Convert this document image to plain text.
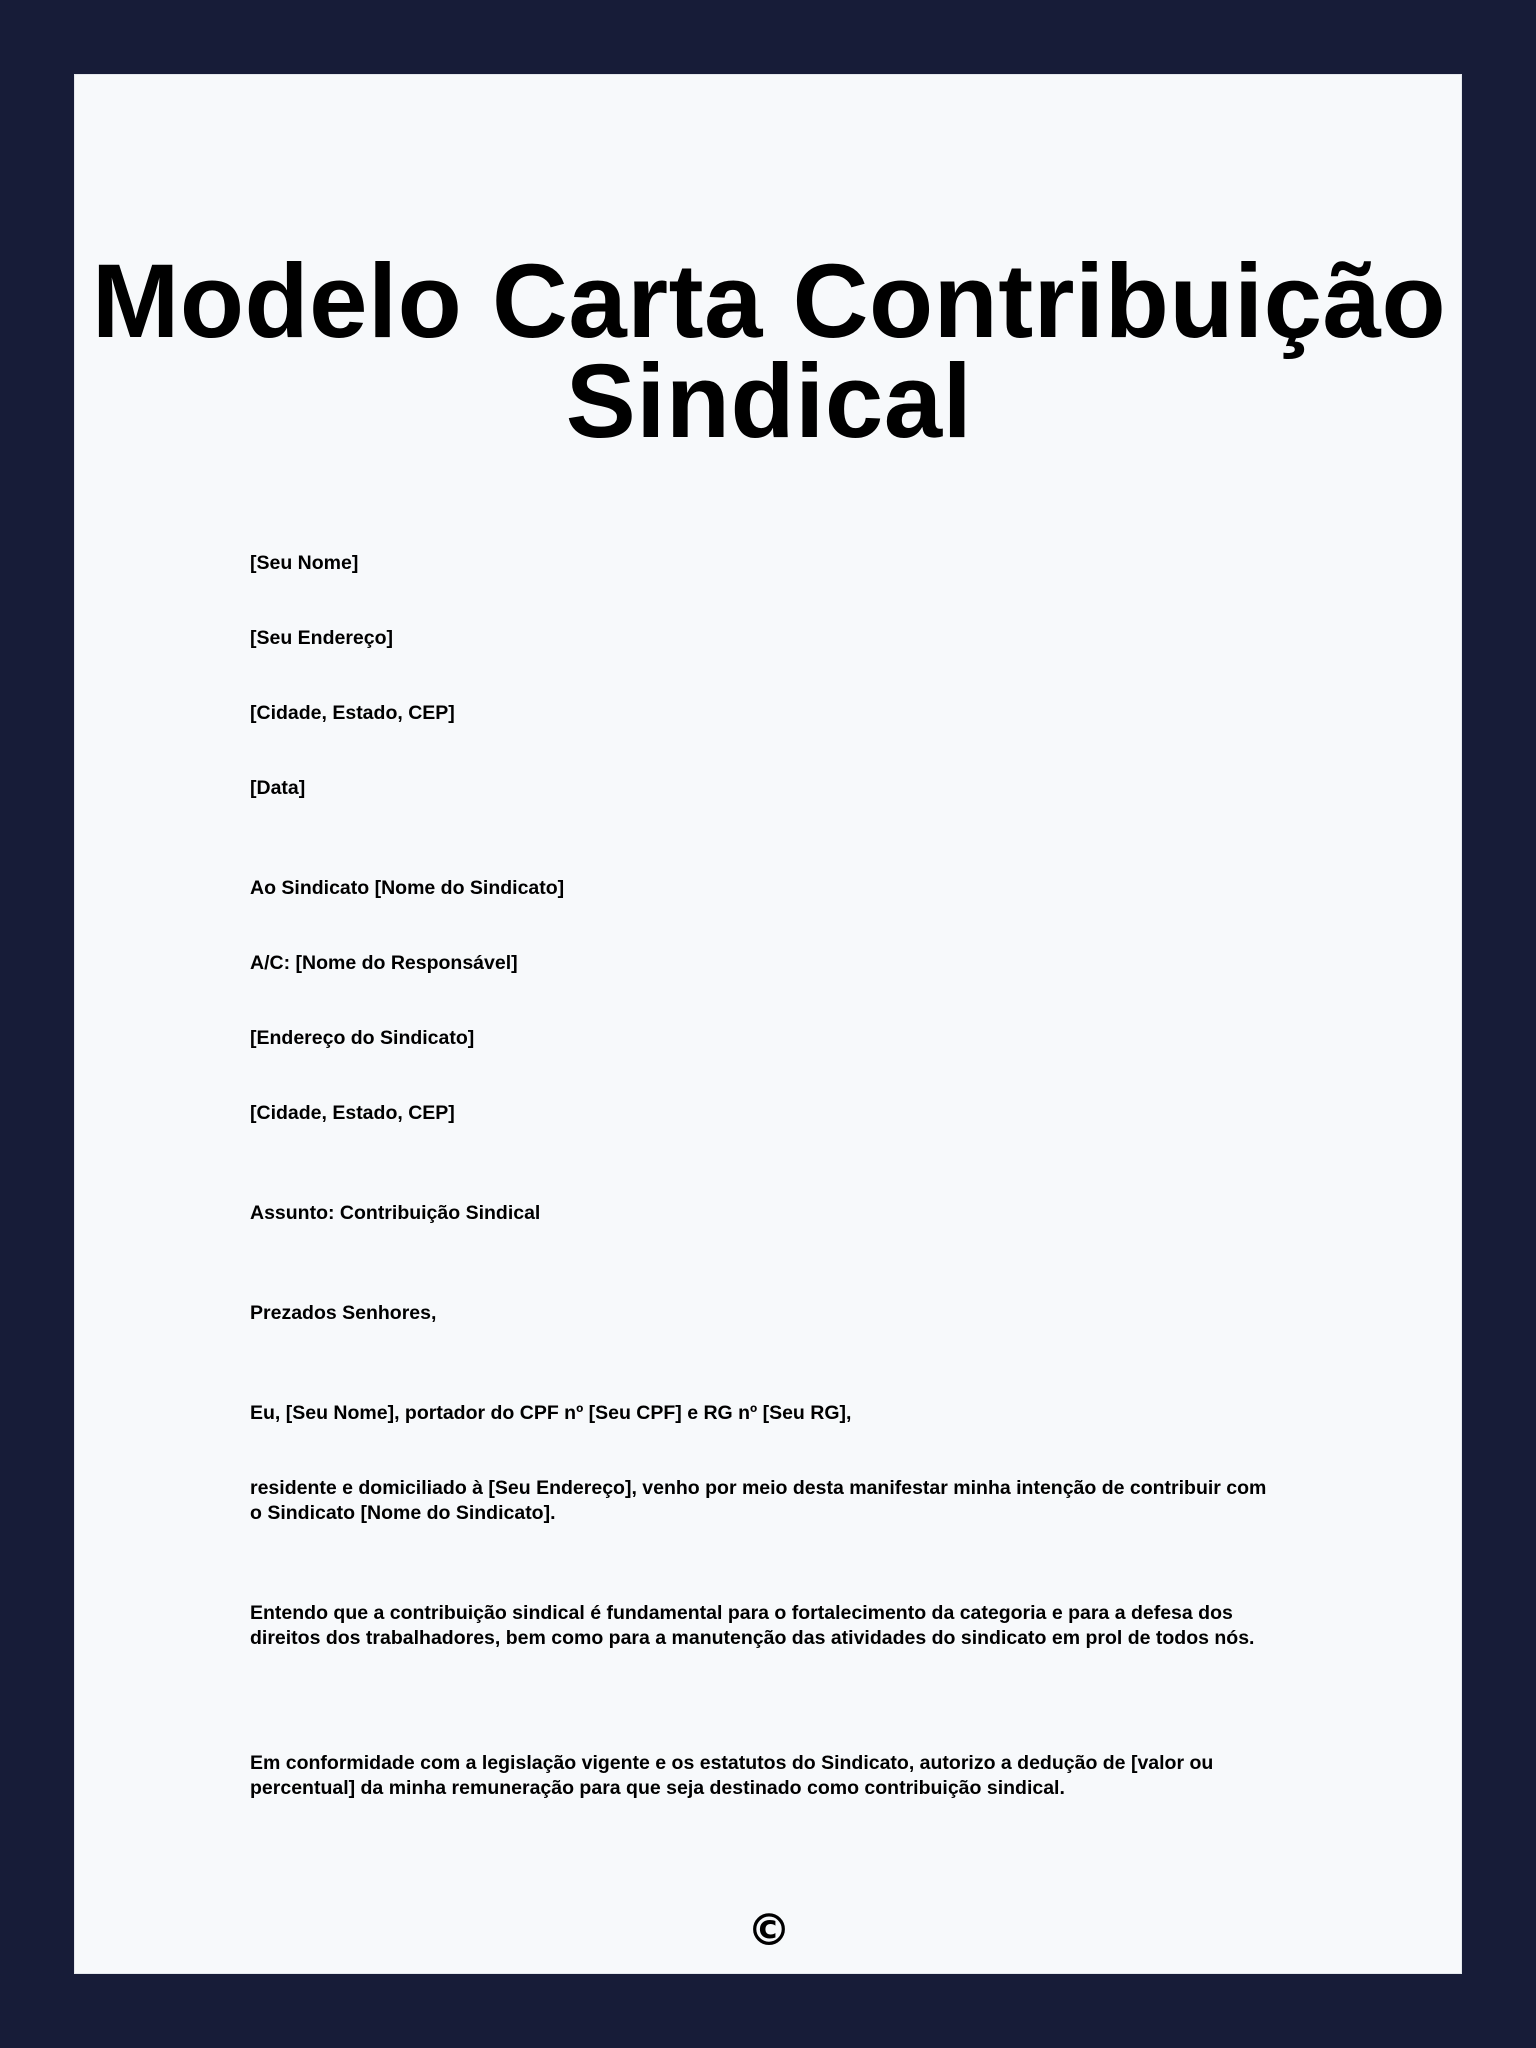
Modelo Carta Contribuição Sindical

[Seu Nome]

[Seu Endereço]

[Cidade, Estado, CEP]

[Data]

Ao Sindicato [Nome do Sindicato]

A/C: [Nome do Responsável]

[Endereço do Sindicato]

[Cidade, Estado, CEP]

Assunto: Contribuição Sindical

Prezados Senhores,

Eu, [Seu Nome], portador do CPF nº [Seu CPF] e RG nº [Seu RG],

residente e domiciliado à [Seu Endereço], venho por meio desta manifestar minha intenção de contribuir com o Sindicato [Nome do Sindicato].

Entendo que a contribuição sindical é fundamental para o fortalecimento da categoria e para a defesa dos direitos dos trabalhadores, bem como para a manutenção das atividades do sindicato em prol de todos nós.

Em conformidade com a legislação vigente e os estatutos do Sindicato, autorizo a dedução de [valor ou percentual] da minha remuneração para que seja destinado como contribuição sindical.

©
